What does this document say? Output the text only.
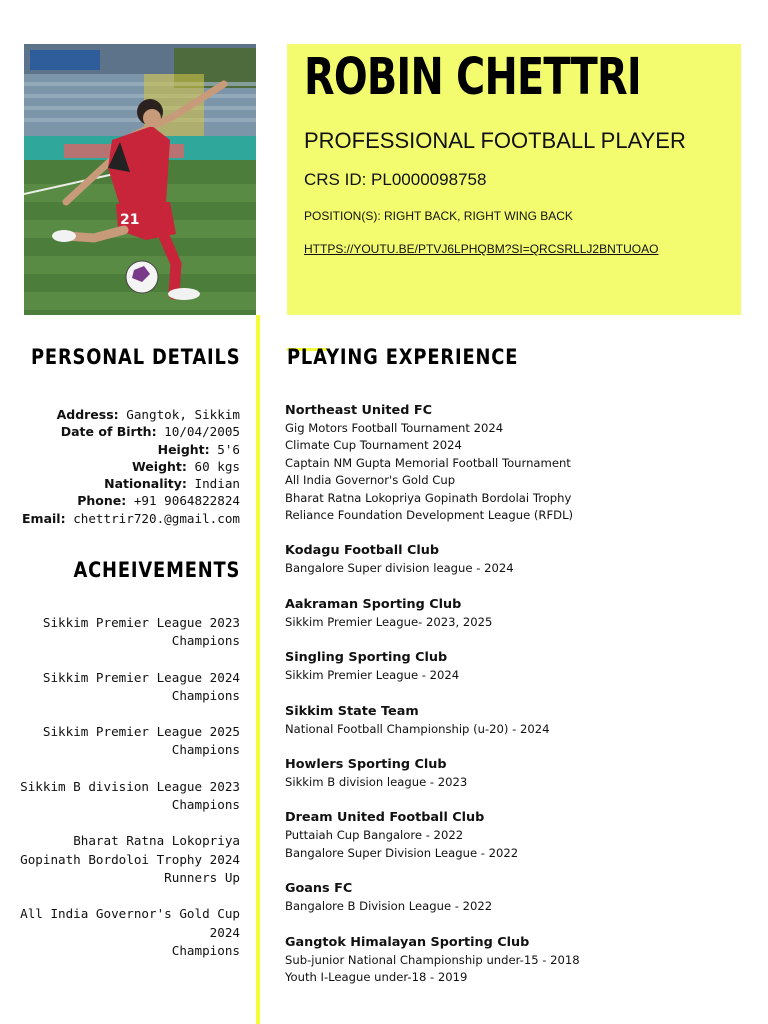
21
ROBIN CHETTRI
PROFESSIONAL FOOTBALL PLAYER
CRS ID: PL0000098758
POSITION(S): RIGHT BACK, RIGHT WING BACK
HTTPS://YOUTU.BE/PTVJ6LPHQBM?SI=QRCSRLLJ2BNTUOAO
PERSONAL DETAILS
Address: Gangtok, Sikkim
Date of Birth: 10/04/2005
Height: 5'6
Weight: 60 kgs
Nationality: Indian
Phone: +91 9064822824
Email: chettrir720.@gmail.com
ACHEIVEMENTS
Sikkim Premier League 2023
Champions
Sikkim Premier League 2024
Champions
Sikkim Premier League 2025
Champions
Sikkim B division League 2023
Champions
Bharat Ratna Lokopriya
Gopinath Bordoloi Trophy 2024
Runners Up
All India Governor's Gold Cup
2024
Champions
PLAYING EXPERIENCE
Northeast United FC
Gig Motors Football Tournament 2024
Climate Cup Tournament 2024
Captain NM Gupta Memorial Football Tournament
All India Governor's Gold Cup
Bharat Ratna Lokopriya Gopinath Bordolai Trophy
Reliance Foundation Development League (RFDL)
Kodagu Football Club
Bangalore Super division league - 2024
Aakraman Sporting Club
Sikkim Premier League- 2023, 2025
Singling Sporting Club
Sikkim Premier League - 2024
Sikkim State Team
National Football Championship (u-20) - 2024
Howlers Sporting Club
Sikkim B division league - 2023
Dream United Football Club
Puttaiah Cup Bangalore - 2022
Bangalore Super Division League - 2022
Goans FC
Bangalore B Division League - 2022
Gangtok Himalayan Sporting Club
Sub-junior National Championship under-15 - 2018
Youth I-League under-18 - 2019
